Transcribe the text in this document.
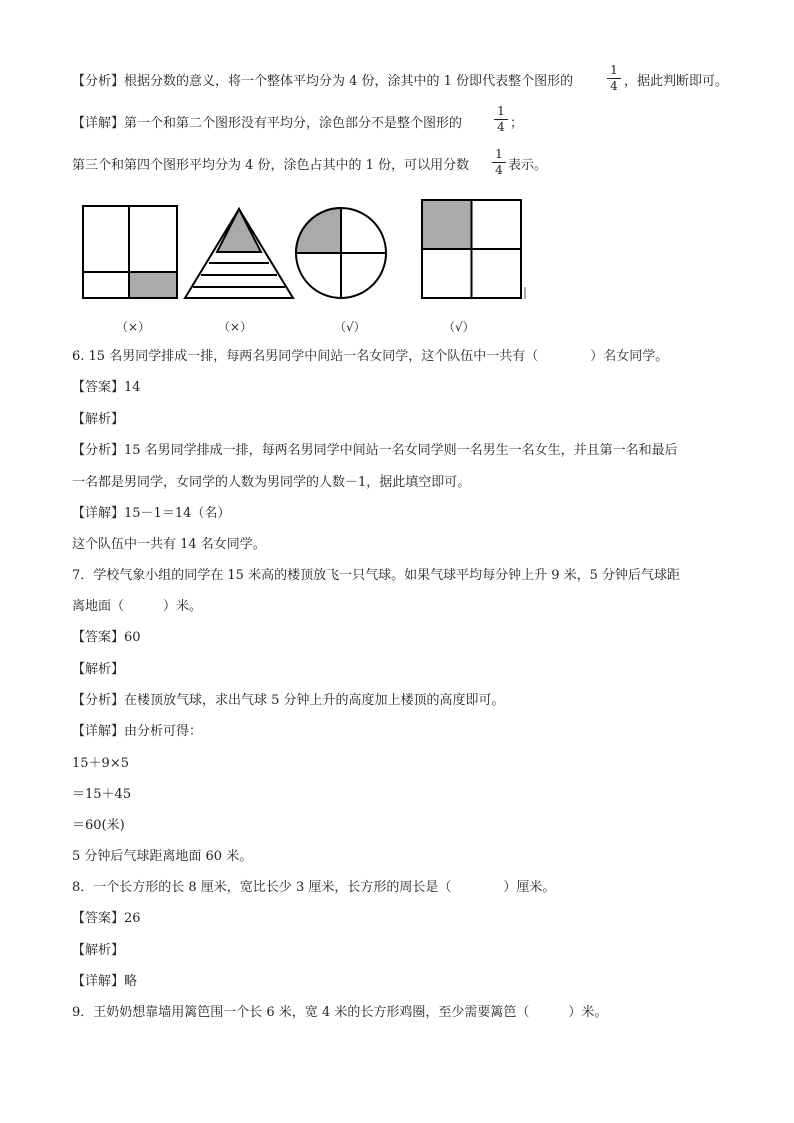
【分析】根据分数的意义，将一个整体平均分为 4 份，涂其中的 1 份即代表整个图形的
1
4 ，据此判断即可。
【详解】第一个和第二个图形没有平均分，涂色部分不是整个图形的
1
4 ；
第三个和第四个图形平均分为 4 份，涂色占其中的 1 份，可以用分数
1
4 表示。
（×）	（×）	（√）	（√）
6. 15 名男同学排成一排，每两名男同学中间站一名女同学，这个队伍中一共有（　　　　）名女同学。
【答案】14
【解析】
【分析】15 名男同学排成一排，每两名男同学中间站一名女同学则一名男生一名女生，并且第一名和最后
一名都是男同学，女同学的人数为男同学的人数－1，据此填空即可。
【详解】15－1＝14（名）
这个队伍中一共有 14 名女同学。
7．学校气象小组的同学在 15 米高的楼顶放飞一只气球。如果气球平均每分钟上升 9 米，5 分钟后气球距
离地面（　　　）米。
【答案】60
【解析】
【分析】在楼顶放气球，求出气球 5 分钟上升的高度加上楼顶的高度即可。
【详解】由分析可得：
15＋9×5
＝15＋45
＝60(米)
5 分钟后气球距离地面 60 米。
8．一个长方形的长 8 厘米，宽比长少 3 厘米，长方形的周长是（　　　　）厘米。
【答案】26
【解析】
【详解】略
9．王奶奶想靠墙用篱笆围一个长 6 米，宽 4 米的长方形鸡圈，至少需要篱笆（　　　）米。
